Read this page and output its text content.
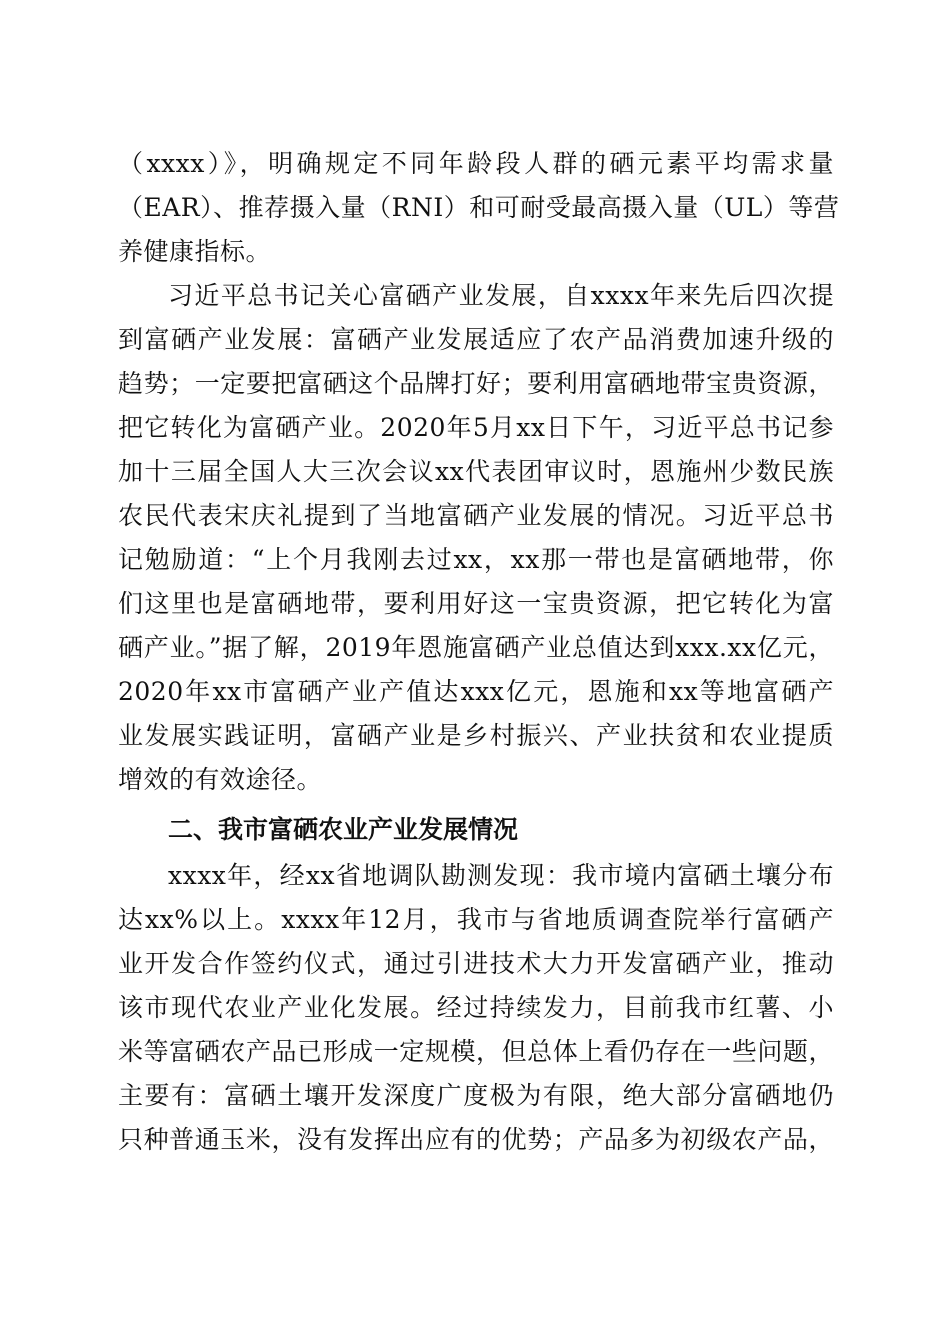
（xxxx）》，明确规定不同年龄段人群的硒元素平均需求量
（EAR）、推荐摄入量（RNI）和可耐受最高摄入量（UL）等营
养健康指标。
习近平总书记关心富硒产业发展，自xxxx年来先后四次提
到富硒产业发展：富硒产业发展适应了农产品消费加速升级的
趋势；一定要把富硒这个品牌打好；要利用富硒地带宝贵资源，
把它转化为富硒产业。2020年5月xx日下午，习近平总书记参
加十三届全国人大三次会议xx代表团审议时，恩施州少数民族
农民代表宋庆礼提到了当地富硒产业发展的情况。习近平总书
记勉励道：“上个月我刚去过xx，xx那一带也是富硒地带，你
们这里也是富硒地带，要利用好这一宝贵资源，把它转化为富
硒产业。”据了解，2019年恩施富硒产业总值达到xxx.xx亿元，
2020年xx市富硒产业产值达xxx亿元，恩施和xx等地富硒产
业发展实践证明，富硒产业是乡村振兴、产业扶贫和农业提质
增效的有效途径。
二、我市富硒农业产业发展情况
xxxx年，经xx省地调队勘测发现：我市境内富硒土壤分布
达xx%以上。xxxx年12月，我市与省地质调查院举行富硒产
业开发合作签约仪式，通过引进技术大力开发富硒产业，推动
该市现代农业产业化发展。经过持续发力，目前我市红薯、小
米等富硒农产品已形成一定规模，但总体上看仍存在一些问题，
主要有：富硒土壤开发深度广度极为有限，绝大部分富硒地仍
只种普通玉米，没有发挥出应有的优势；产品多为初级农产品，
